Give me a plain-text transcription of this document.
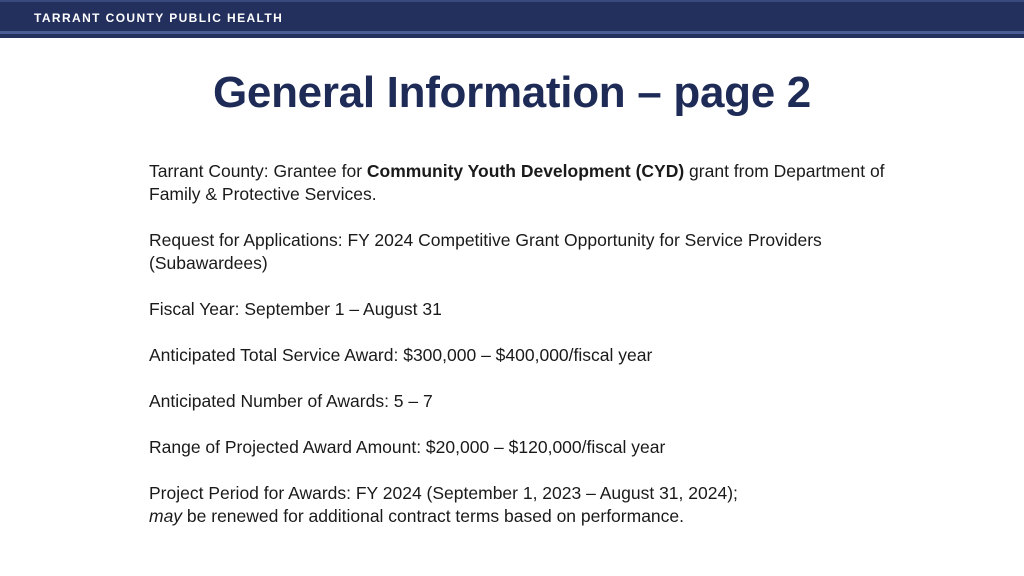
TARRANT COUNTY PUBLIC HEALTH
General Information – page 2

Tarrant County: Grantee for Community Youth Development (CYD) grant from Department of Family & Protective Services.

Request for Applications: FY 2024 Competitive Grant Opportunity for Service Providers (Subawardees)

Fiscal Year: September 1 – August 31

Anticipated Total Service Award: $300,000 – $400,000/fiscal year

Anticipated Number of Awards: 5 – 7

Range of Projected Award Amount: $20,000 – $120,000/fiscal year

Project Period for Awards: FY 2024 (September 1, 2023 – August 31, 2024);
may be renewed for additional contract terms based on performance.
